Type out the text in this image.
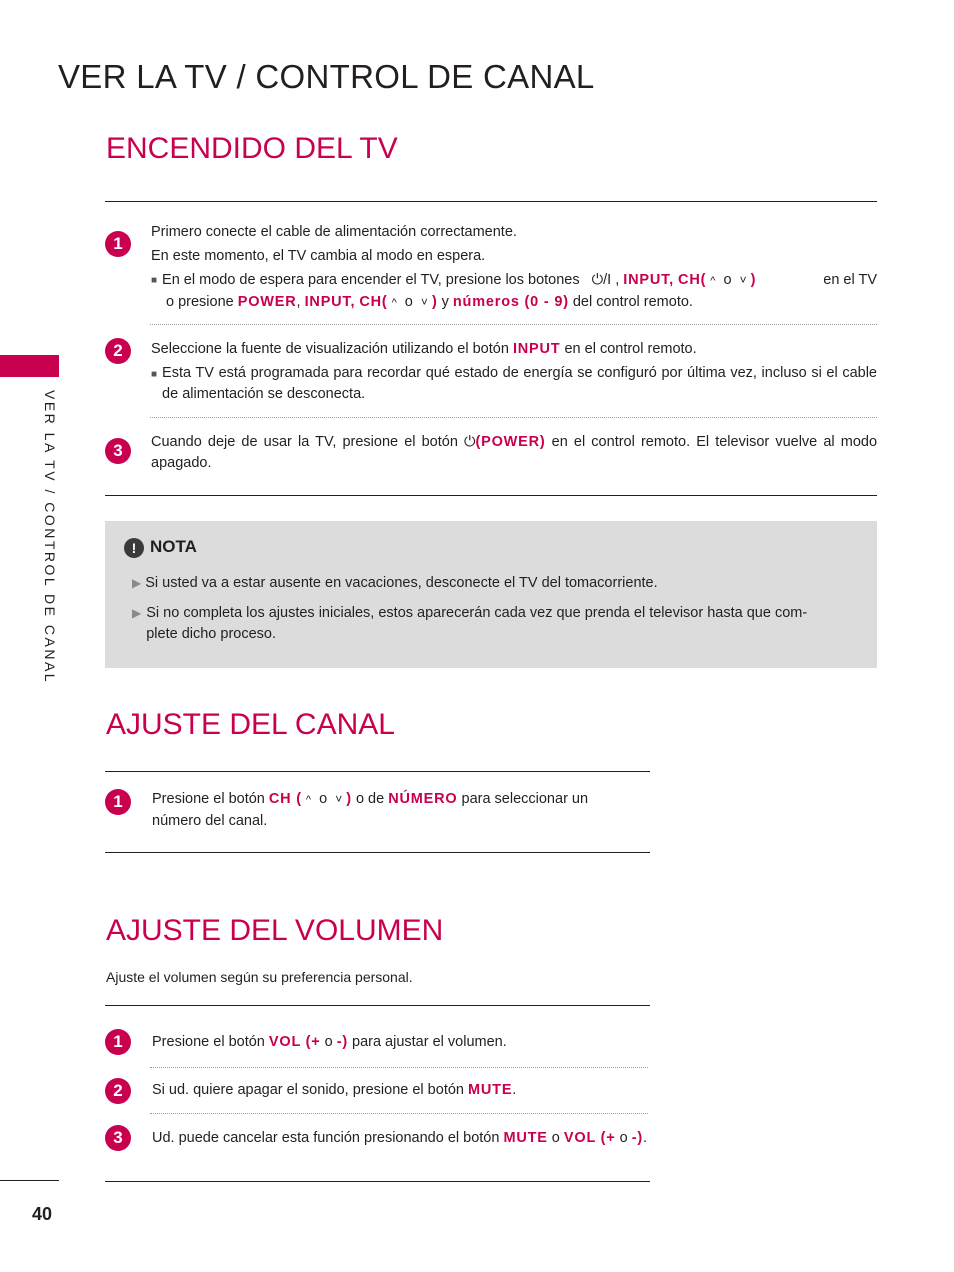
VER LA TV / CONTROL DE CANAL
VER LA TV / CONTROL DE CANAL
40
ENCENDIDO DEL TV
1
Primero conecte el cable de alimentación correctamente.
En este momento, el TV cambia al modo en espera.
■ En el modo de espera para encender el TV, presione los botones ⏻/I , INPUT, CH( ^ o ˅ )	en el TV
o presione POWER, INPUT, CH( ^ o ˅ ) y números (0 - 9) del control remoto.
2	Seleccione la fuente de visualización utilizando el botón INPUT en el control remoto.
■ Esta TV está programada para recordar qué estado de energía se configuró por última vez, incluso si el cable de alimentación se desconecta.
3	Cuando deje de usar la TV, presione el botón ⏻(POWER) en el control remoto. El televisor vuelve al modo apagado.
! NOTA
▶ Si usted va a estar ausente en vacaciones, desconecte el TV del tomacorriente.
▶ Si no completa los ajustes iniciales, estos aparecerán cada vez que prenda el televisor hasta que com-plete dicho proceso.
AJUSTE DEL CANAL
1	Presione el botón CH ( ^ o ˅ ) o de NÚMERO para seleccionar un número del canal.
AJUSTE DEL VOLUMEN
Ajuste el volumen según su preferencia personal.
1	Presione el botón VOL (+ o -) para ajustar el volumen.
2	Si ud. quiere apagar el sonido, presione el botón MUTE.
3	Ud. puede cancelar esta función presionando el botón MUTE o VOL (+ o -).
